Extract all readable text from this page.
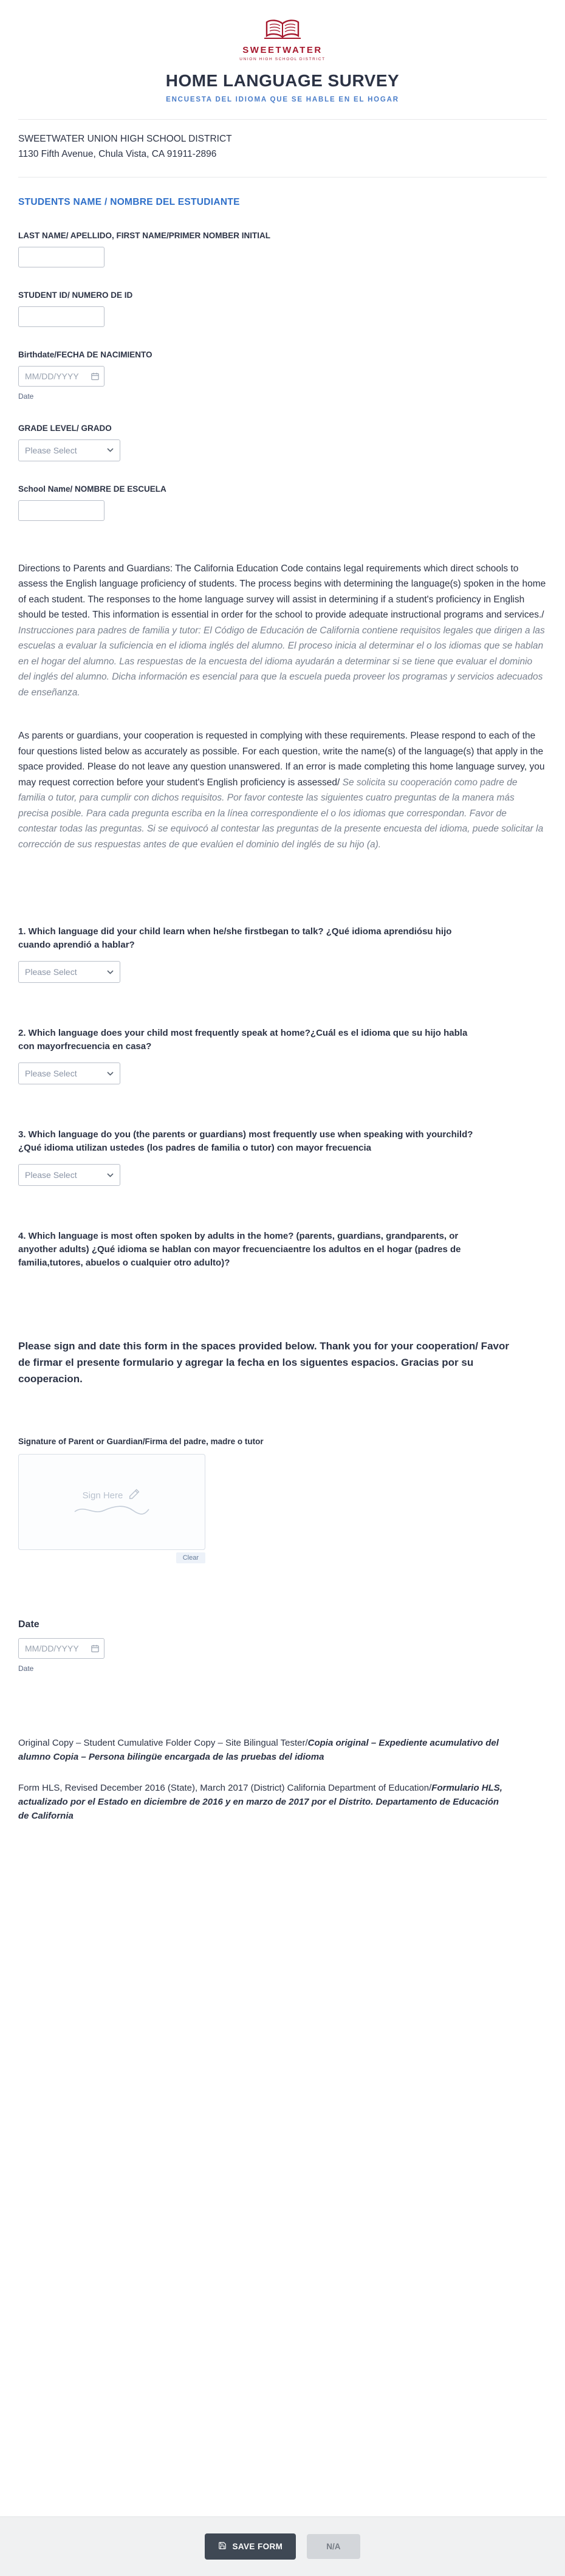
SWEETWATER
UNION HIGH SCHOOL DISTRICT
HOME LANGUAGE SURVEY
ENCUESTA DEL IDIOMA QUE SE HABLE EN EL HOGAR
SWEETWATER UNION HIGH SCHOOL DISTRICT
1130 Fifth Avenue, Chula Vista, CA 91911-2896
STUDENTS NAME / NOMBRE DEL ESTUDIANTE
LAST NAME/ APELLIDO, FIRST NAME/PRIMER NOMBER INITIAL
STUDENT ID/ NUMERO DE ID
Birthdate/FECHA DE NACIMIENTO
MM/DD/YYYY
Date
GRADE LEVEL/ GRADO
Please Select
School Name/ NOMBRE DE ESCUELA

Directions to Parents and Guardians: The California Education Code contains legal requirements which direct schools to assess the English language proficiency of students. The process begins with determining the language(s) spoken in the home of each student. The responses to the home language survey will assist in determining if a student's proficiency in English should be tested. This information is essential in order for the school to provide adequate instructional programs and services./ Instrucciones para padres de familia y tutor: El Código de Educación de California contiene requisitos legales que dirigen a las escuelas a evaluar la suficiencia en el idioma inglés del alumno. El proceso inicia al determinar el o los idiomas que se hablan en el hogar del alumno. Las respuestas de la encuesta del idioma ayudarán a determinar si se tiene que evaluar el dominio del inglés del alumno. Dicha información es esencial para que la escuela pueda proveer los programas y servicios adecuados de enseñanza.

As parents or guardians, your cooperation is requested in complying with these requirements. Please respond to each of the four questions listed below as accurately as possible. For each question, write the name(s) of the language(s) that apply in the space provided. Please do not leave any question unanswered. If an error is made completing this home language survey, you may request correction before your student's English proficiency is assessed/ Se solicita su cooperación como padre de familia o tutor, para cumplir con dichos requisitos. Por favor conteste las siguientes cuatro preguntas de la manera más precisa posible. Para cada pregunta escriba en la línea correspondiente el o los idiomas que correspondan. Favor de contestar todas las preguntas. Si se equivocó al contestar las preguntas de la presente encuesta del idioma, puede solicitar la corrección de sus respuestas antes de que evalúen el dominio del inglés de su hijo (a).

1. Which language did your child learn when he/she firstbegan to talk? ¿Qué idioma aprendiósu hijo cuando aprendió a hablar?
Please Select
2. Which language does your child most frequently speak at home?¿Cuál es el idioma que su hijo habla con mayorfrecuencia en casa?
Please Select
3. Which language do you (the parents or guardians) most frequently use when speaking with yourchild? ¿Qué idioma utilizan ustedes (los padres de familia o tutor) con mayor frecuencia
Please Select
4. Which language is most often spoken by adults in the home? (parents, guardians, grandparents, or anyother adults) ¿Qué idioma se hablan con mayor frecuenciaentre los adultos en el hogar (padres de familia,tutores, abuelos o cualquier otro adulto)?

Please sign and date this form in the spaces provided below. Thank you for your cooperation/ Favor de firmar el presente formulario y agregar la fecha en los siguentes espacios. Gracias por su cooperacion.

Signature of Parent or Guardian/Firma del padre, madre o tutor
Sign Here
Clear
Date
MM/DD/YYYY
Date

Original Copy – Student Cumulative Folder Copy – Site Bilingual Tester/Copia original – Expediente acumulativo del alumno Copia – Persona bilingüe encargada de las pruebas del idioma

Form HLS, Revised December 2016 (State), March 2017 (District) California Department of Education/Formulario HLS, actualizado por el Estado en diciembre de 2016 y en marzo de 2017 por el Distrito. Departamento de Educación de California

SAVE FORM	N/A
